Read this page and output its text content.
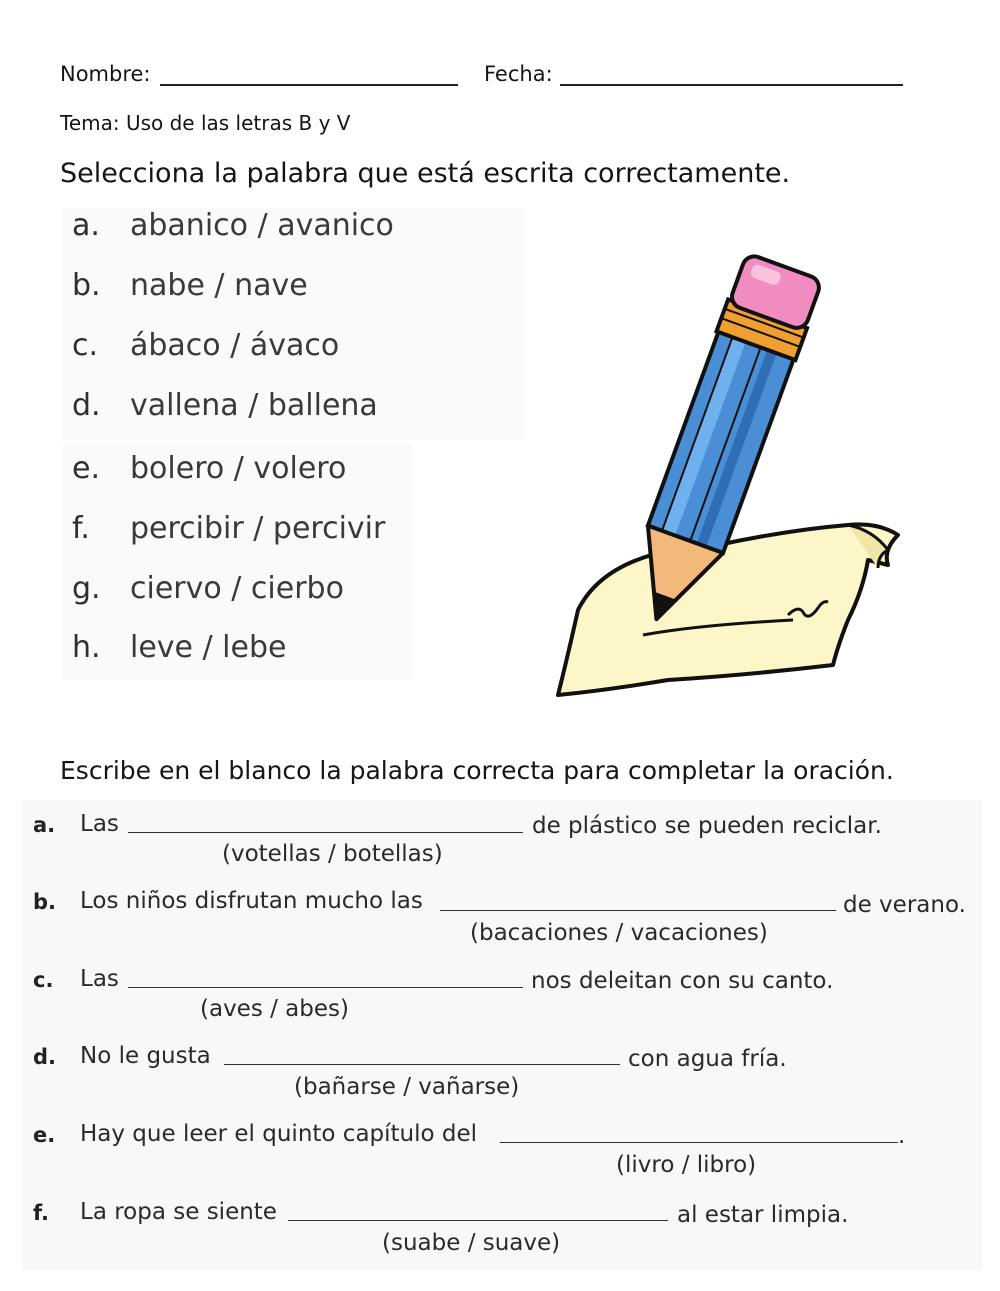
Nombre:	Fecha:
Tema: Uso de las letras B y V
Selecciona la palabra que está escrita correctamente.
a. abanico / avanico
b. nabe / nave
c. ábaco / ávaco
d. vallena / ballena
e. bolero / volero
f. percibir / percivir
g. ciervo / cierbo
h. leve / lebe
Escribe en el blanco la palabra correcta para completar la oración.
a. Las	de plástico se pueden reciclar.
(votellas / botellas)
b. Los niños disfrutan mucho las	de verano.
(bacaciones / vacaciones)
c. Las	nos deleitan con su canto.
(aves / abes)
d. No le gusta	con agua fría.
(bañarse / vañarse)
e. Hay que leer el quinto capítulo del	.
(livro / libro)
f. La ropa se siente	al estar limpia.
(suabe / suave)
